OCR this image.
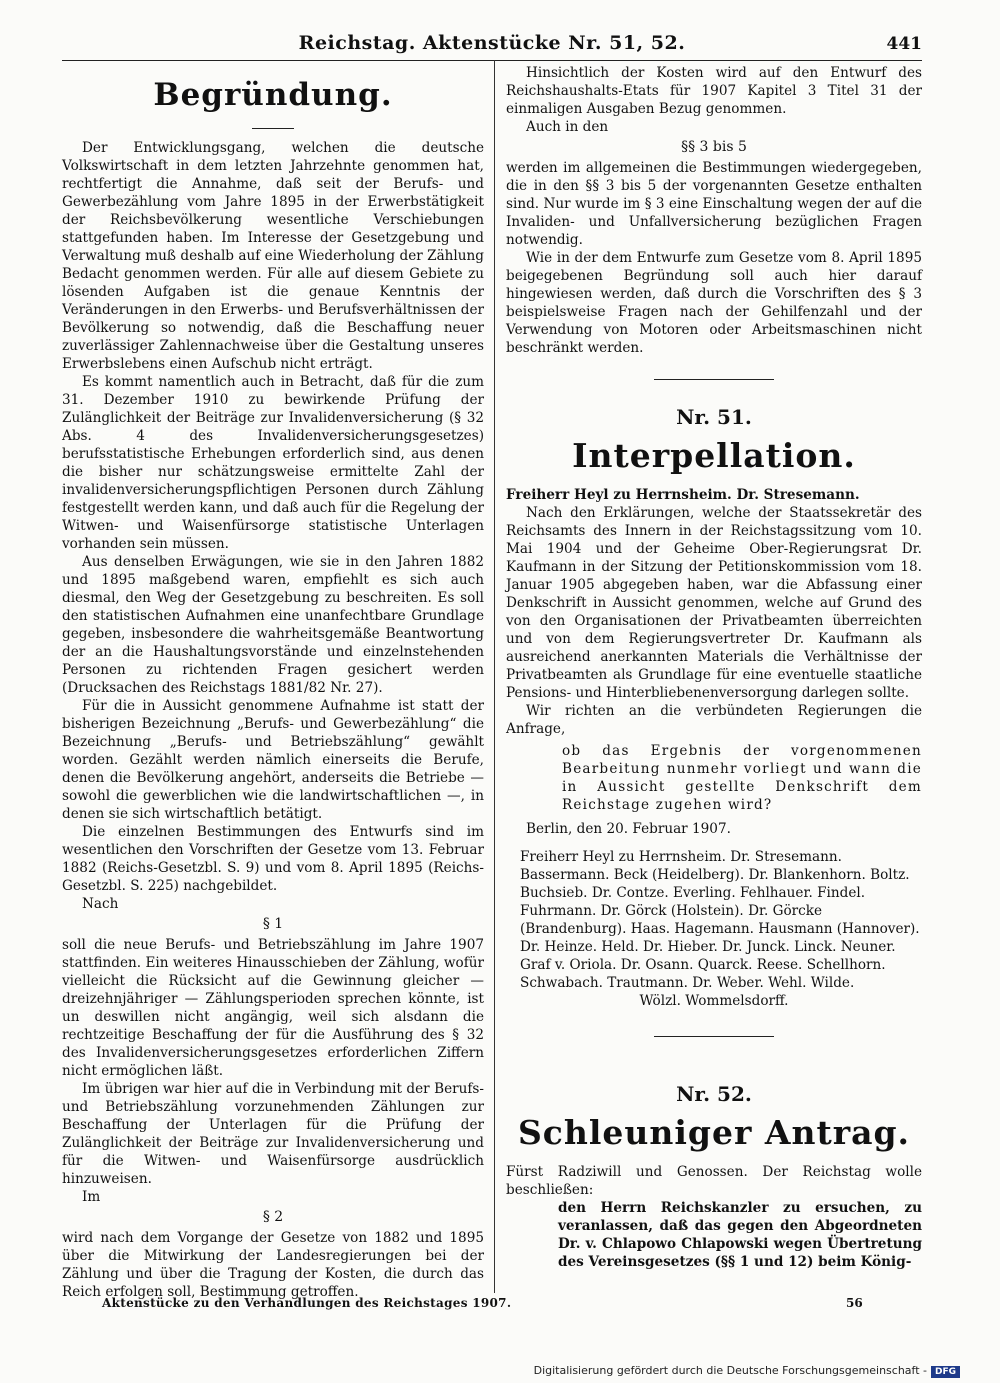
Reichstag. Aktenstücke Nr. 51, 52.	441
Begründung.

Der Entwicklungsgang, welchen die deutsche Volkswirtschaft in dem letzten Jahrzehnte genommen hat, rechtfertigt die Annahme, daß seit der Berufs- und Gewerbezählung vom Jahre 1895 in der Erwerbstätigkeit der Reichsbevölkerung wesentliche Verschiebungen stattgefunden haben. Im Interesse der Gesetzgebung und Verwaltung muß deshalb auf eine Wiederholung der Zählung Bedacht genommen werden. Für alle auf diesem Gebiete zu lösenden Aufgaben ist die genaue Kenntnis der Veränderungen in den Erwerbs- und Berufsverhältnissen der Bevölkerung so notwendig, daß die Beschaffung neuer zuverlässiger Zahlennachweise über die Gestaltung unseres Erwerbslebens einen Aufschub nicht erträgt.

Es kommt namentlich auch in Betracht, daß für die zum 31. Dezember 1910 zu bewirkende Prüfung der Zulänglichkeit der Beiträge zur Invalidenversicherung (§ 32 Abs. 4 des Invalidenversicherungsgesetzes) berufsstatistische Erhebungen erforderlich sind, aus denen die bisher nur schätzungsweise ermittelte Zahl der invalidenversicherungspflichtigen Personen durch Zählung festgestellt werden kann, und daß auch für die Regelung der Witwen- und Waisenfürsorge statistische Unterlagen vorhanden sein müssen.

Aus denselben Erwägungen, wie sie in den Jahren 1882 und 1895 maßgebend waren, empfiehlt es sich auch diesmal, den Weg der Gesetzgebung zu beschreiten. Es soll den statistischen Aufnahmen eine unanfechtbare Grundlage gegeben, insbesondere die wahrheitsgemäße Beantwortung der an die Haushaltungsvorstände und einzelnstehenden Personen zu richtenden Fragen gesichert werden (Drucksachen des Reichstags 1881/82 Nr. 27).

Für die in Aussicht genommene Aufnahme ist statt der bisherigen Bezeichnung „Berufs- und Gewerbezählung“ die Bezeichnung „Berufs- und Betriebszählung“ gewählt worden. Gezählt werden nämlich einerseits die Berufe, denen die Bevölkerung angehört, anderseits die Betriebe — sowohl die gewerblichen wie die landwirtschaftlichen —, in denen sie sich wirtschaftlich betätigt.

Die einzelnen Bestimmungen des Entwurfs sind im wesentlichen den Vorschriften der Gesetze vom 13. Februar 1882 (Reichs-Gesetzbl. S. 9) und vom 8. April 1895 (Reichs-Gesetzbl. S. 225) nachgebildet.

Nach

§ 1

soll die neue Berufs- und Betriebszählung im Jahre 1907 stattfinden. Ein weiteres Hinausschieben der Zählung, wofür vielleicht die Rücksicht auf die Gewinnung gleicher — dreizehnjähriger — Zählungsperioden sprechen könnte, ist un deswillen nicht angängig, weil sich alsdann die rechtzeitige Beschaffung der für die Ausführung des § 32 des Invalidenversicherungsgesetzes erforderlichen Ziffern nicht ermöglichen läßt.

Im übrigen war hier auf die in Verbindung mit der Berufs- und Betriebszählung vorzunehmenden Zählungen zur Beschaffung der Unterlagen für die Prüfung der Zulänglichkeit der Beiträge zur Invalidenversicherung und für die Witwen- und Waisenfürsorge ausdrücklich hinzuweisen.

Im

§ 2

wird nach dem Vorgange der Gesetze von 1882 und 1895 über die Mitwirkung der Landesregierungen bei der Zählung und über die Tragung der Kosten, die durch das Reich erfolgen soll, Bestimmung getroffen.

Hinsichtlich der Kosten wird auf den Entwurf des Reichshaushalts-Etats für 1907 Kapitel 3 Titel 31 der einmaligen Ausgaben Bezug genommen.

Auch in den

§§ 3 bis 5

werden im allgemeinen die Bestimmungen wiedergegeben, die in den §§ 3 bis 5 der vorgenannten Gesetze enthalten sind. Nur wurde im § 3 eine Einschaltung wegen der auf die Invaliden- und Unfallversicherung bezüglichen Fragen notwendig.

Wie in der dem Entwurfe zum Gesetze vom 8. April 1895 beigegebenen Begründung soll auch hier darauf hingewiesen werden, daß durch die Vorschriften des § 3 beispielsweise Fragen nach der Gehilfenzahl und der Verwendung von Motoren oder Arbeitsmaschinen nicht beschränkt werden.

Nr. 51.
Interpellation.

Freiherr Heyl zu Herrnsheim. Dr. Stresemann.

Nach den Erklärungen, welche der Staatssekretär des Reichsamts des Innern in der Reichstagssitzung vom 10. Mai 1904 und der Geheime Ober-Regierungsrat Dr. Kaufmann in der Sitzung der Petitionskommission vom 18. Januar 1905 abgegeben haben, war die Abfassung einer Denkschrift in Aussicht genommen, welche auf Grund des von den Organisationen der Privatbeamten überreichten und von dem Regierungsvertreter Dr. Kaufmann als ausreichend anerkannten Materials die Verhältnisse der Privatbeamten als Grundlage für eine eventuelle staatliche Pensions- und Hinterbliebenenversorgung darlegen sollte.

Wir richten an die verbündeten Regierungen die Anfrage,

ob das Ergebnis der vorgenommenen Bearbeitung nunmehr vorliegt und wann die in Aussicht gestellte Denkschrift dem Reichstage zugehen wird?

Berlin, den 20. Februar 1907.

Freiherr Heyl zu Herrnsheim. Dr. Stresemann. Bassermann. Beck (Heidelberg). Dr. Blankenhorn. Boltz. Buchsieb. Dr. Contze. Everling. Fehlhauer. Findel. Fuhrmann. Dr. Görck (Holstein). Dr. Görcke (Brandenburg). Haas. Hagemann. Hausmann (Hannover). Dr. Heinze. Held. Dr. Hieber. Dr. Junck. Linck. Neuner. Graf v. Oriola. Dr. Osann. Quarck. Reese. Schellhorn. Schwabach. Trautmann. Dr. Weber. Wehl. Wilde.

Wölzl. Wommelsdorff.

Nr. 52.
Schleuniger Antrag.

Fürst Radziwill und Genossen. Der Reichstag wolle beschließen:

den Herrn Reichskanzler zu ersuchen, zu veranlassen, daß das gegen den Abgeordneten Dr. v. Chlapowo Chlapowski wegen Übertretung des Vereinsgesetzes (§§ 1 und 12) beim König-

Aktenstücke zu den Verhandlungen des Reichstages 1907.	56
Digitalisierung gefördert durch die Deutsche Forschungsgemeinschaft - DFG
